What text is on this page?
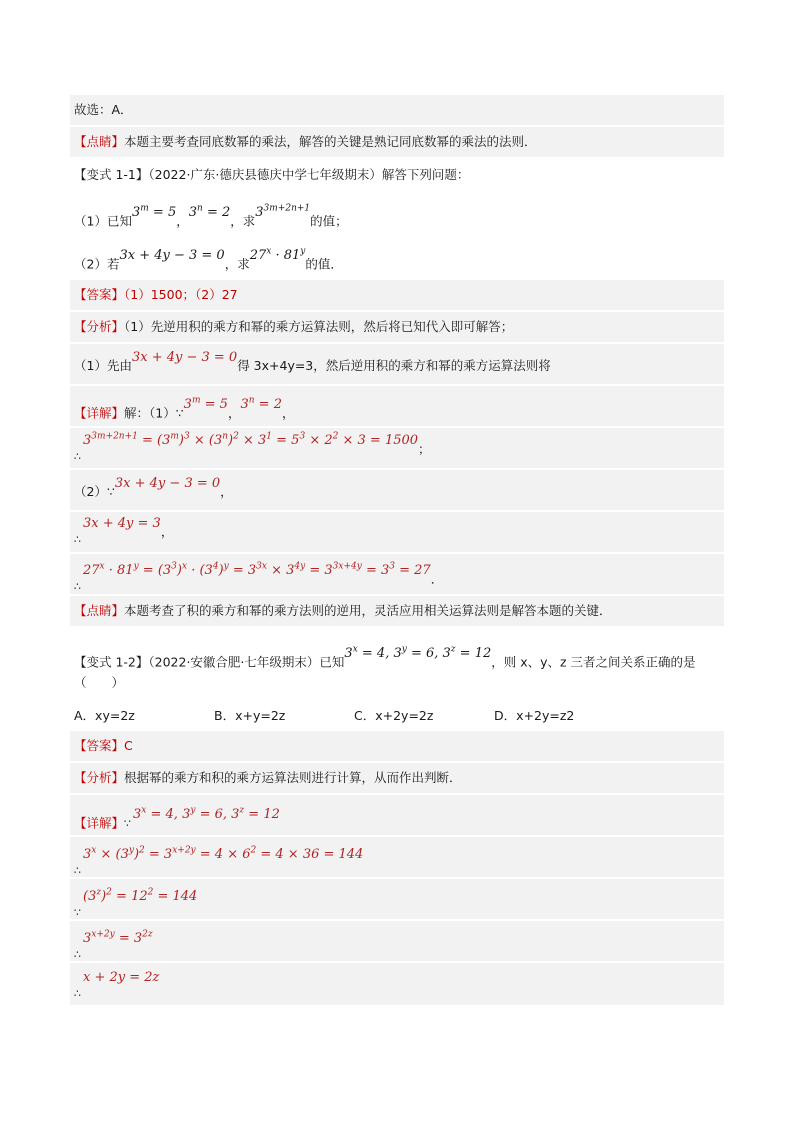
故选：A．
【点睛】本题主要考查同底数幂的乘法，解答的关键是熟记同底数幂的乘法的法则．
【变式 1-1】（2022·广东·德庆县德庆中学七年级期末）解答下列问题：
（1）已知$3^m = 5$，$3^n = 2$，求$3^{3m+2n+1}$的值；
（2）若3x + 4y − 3 = 0，求$27^x \cdot 81^y$的值．
【答案】（1）1500；（2）27
【分析】（1）先逆用积的乘方和幂的乘方运算法则，然后将已知代入即可解答；
（1）先由3x + 4y − 3 = 0得 3x+4y=3，然后逆用积的乘方和幂的乘方运算法则将
【详解】解：$(1)\because 3^m = 5$，$3^n = 2$，
$\therefore 3^{3m+2n+1} = (3^m)^3 \times (3^n)^2 \times 3^1 = 5^3 \times 2^2 \times 3 = 1500$；
（2）∵3x + 4y − 3 = 0，
∴3x + 4y = 3，
$\therefore 27^x \cdot 81^y = (3^3)^x \cdot (3^4)^y = 3^{3x} \times 3^{4y} = 3^{3x+4y} = 3^3 = 27$．
【点睛】本题考查了积的乘方和幂的乘方法则的逆用，灵活应用相关运算法则是解答本题的关键．
【变式 1-2】（2022·安徽合肥·七年级期末）已知$3^x = 4$, $3^y = 6$, $3^z = 12$，则 x、y、z 三者之间关系正确的是
（　　）
A．xy=2z	B．x+y=2z	C．x+2y=2z	D．x+2y=z2
【答案】C
【分析】根据幂的乘方和积的乘方运算法则进行计算，从而作出判断．
【详解】$\because 3^x = 4$, $3^y = 6$, $3^z = 12$
$\therefore 3^x \times (3^y)^2 = 3^{x+2y} = 4 \times 6^2 = 4 \times 36 = 144$
$\because(3^z)^2 = 12^2 = 144$
$\therefore 3^{x+2y} = 3^{2z}$
∴x + 2y = 2z
